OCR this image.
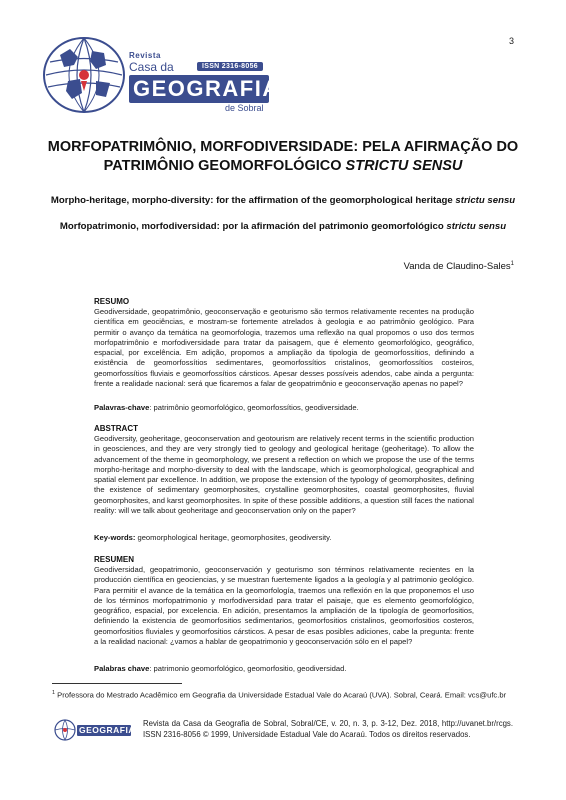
3
Revista
Casa da	ISSN 2316-8056
GEOGRAFIA
de Sobral
MORFOPATRIMÔNIO, MORFODIVERSIDADE: PELA AFIRMAÇÃO DO
PATRIMÔNIO GEOMORFOLÓGICO STRICTU SENSU
Morpho-heritage, morpho-diversity: for the affirmation of the geomorphological heritage strictu sensu
Morfopatrimonio, morfodiversidad: por la afirmación del patrimonio geomorfológico strictu sensu
Vanda de Claudino-Sales$^1$
RESUMO
Geodiversidade, geopatrimônio, geoconservação e geoturismo são termos relativamente recentes na produção científica em geociências, e mostram-se fortemente atrelados à geologia e ao patrimônio geológico. Para permitir o avanço da temática na geomorfologia, trazemos uma reflexão na qual propomos o uso dos termos morfopatrimônio e morfodiversidade para tratar da paisagem, que é elemento geomorfológico, geográfico, espacial, por excelência. Em adição, propomos a ampliação da tipologia de geomorfossítios, definindo a existência de geomorfossítios sedimentares, geomorfossítios cristalinos, geomorfossítios costeiros, geomorfossítios fluviais e geomorfossítios cársticos. Apesar desses possíveis adendos, cabe ainda a pergunta: frente a realidade nacional: será que ficaremos a falar de geopatrimônio e geoconservação apenas no papel?
Palavras-chave: patrimônio geomorfológico, geomorfossítios, geodiversidade.
ABSTRACT
Geodiversity, geoheritage, geoconservation and geotourism are relatively recent terms in the scientific production in geosciences, and they are very strongly tied to geology and geological heritage (geoheritage). To allow the advancement of the theme in geomorphology, we present a reflection on which we propose the use of the terms morpho-heritage and morpho-diversity to deal with the landscape, which is geomorphological, geographical and spatial element par excellence. In addition, we propose the extension of the typology of geomorphosites, defining the existence of sedimentary geomorphosites, crystalline geomorphosites, coastal geomorphosites, fluvial geomorphosites, and karst geomorphosites. In spite of these possible additions, a question still faces the national reality: will we talk about geoheritage and geoconservation only on the paper?
Key-words: geomorphological heritage, geomorphosites, geodiversity.
RESUMEN
Geodiversidad, geopatrimonio, geoconservación y geoturismo son términos relativamente recientes en la producción científica en geociencias, y se muestran fuertemente ligados a la geología y al patrimonio geológico. Para permitir el avance de la temática en la geomorfología, traemos una reflexión en la que proponemos el uso de los términos morfopatrimonio y morfodiversidad para tratar el paisaje, que es elemento geomorfológico, geográfico, espacial, por excelencia. En adición, presentamos la ampliación de la tipología de geomorfositios, definiendo la existencia de geomorfositios sedimentarios, geomorfositios cristalinos, geomorfositios costeros, geomorfositios fluviales y geomorfositios cársticos. A pesar de esas posibles adiciones, cabe la pregunta: frente a la realidad nacional: ¿vamos a hablar de geopatrimonio y geoconservación sólo en el papel?
Palabras chave: patrimonio geomorfológico, geomorfositio, geodiversidad.
$^1$ Professora do Mestrado Acadêmico em Geografia da Universidade Estadual Vale do Acaraú (UVA). Sobral, Ceará. Email: vcs@ufc.br
GEOGRAFIA
Revista da Casa da Geografia de Sobral, Sobral/CE, v. 20, n. 3, p. 3-12, Dez. 2018, http://uvanet.br/rcgs. ISSN 2316-8056 © 1999, Universidade Estadual Vale do Acaraú. Todos os direitos reservados.
